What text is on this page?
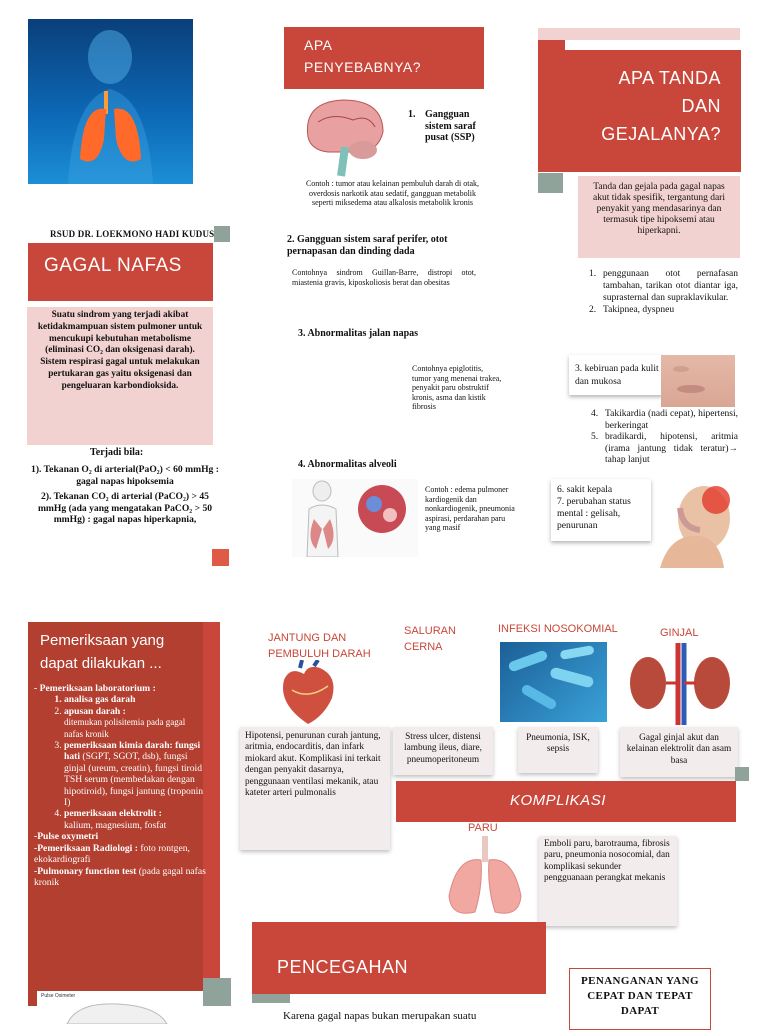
RSUD DR. LOEKMONO HADI KUDUS
GAGAL NAFAS
Suatu sindrom yang terjadi akibat ketidakmampuan sistem pulmoner untuk mencukupi kebutuhan metabolisme (eliminasi CO₂ dan oksigenasi darah). Sistem respirasi gagal untuk melakukan pertukaran gas yaitu oksigenasi dan pengeluaran karbondioksida.
Terjadi bila:
1). Tekanan O₂ di arterial(PaO₂) < 60 mmHg : gagal napas hipoksemia
2). Tekanan CO₂ di arterial (PaCO₂) > 45 mmHg (ada yang mengatakan PaCO₂ > 50 mmHg) : gagal napas hiperkapnia,
APA PENYEBABNYA?
1. Gangguan sistem saraf pusat (SSP)
Contoh : tumor atau kelainan pembuluh darah di otak, overdosis narkotik atau sedatif, gangguan metabolik seperti miksedema atau alkalosis metabolik kronis
2. Gangguan sistem saraf perifer, otot pernapasan dan dinding dada
Contohnya sindrom Guillan-Barre, distropi otot, miastenia gravis, kiposkoliosis berat dan obesitas
3. Abnormalitas jalan napas
Contohnya epiglotitis, tumor yang menenai trakea, penyakit paru obstruktif kronis, asma dan kistik fibrosis
4. Abnormalitas alveoli
Contoh : edema pulmoner kardiogenik dan nonkardiogenik, pneumonia aspirasi, perdarahan paru yang masif
APA TANDA DAN GEJALANYA?
Tanda dan gejala pada gagal napas akut tidak spesifik, tergantung dari penyakit yang mendasarinya dan termasuk tipe hipoksemi atau hiperkapni.
1. penggunaan otot pernafasan tambahan, tarikan otot diantar iga, suprasternal dan supraklavikular.
2. Takipnea, dyspneu
3. kebiruan pada kulit dan mukosa
4. Takikardia (nadi cepat), hipertensi, berkeringat
5. bradikardi, hipotensi, aritmia (irama jantung tidak teratur)→ tahap lanjut
6. sakit kepala
7. perubahan status mental : gelisah, penurunan
Pemeriksaan yang dapat dilakukan ...
- Pemeriksaan laboratorium :
1. analisa gas darah
2. apusan darah :
ditemukan polisitemia pada gagal nafas kronik
3. pemeriksaan kimia darah: fungsi hati (SGPT, SGOT, dsb), fungsi ginjal (ureum, creatin), fungsi tiroid TSH serum (membedakan dengan hipotiroid), fungsi jantung (troponin I)
4. pemeriksaan elektrolit :
kalium, magnesium, fosfat
-Pulse oxymetri
-Pemeriksaan Radiologi : foto rontgen, ekokardiografi
-Pulmonary function test (pada gagal nafas kronik
Pulse Oximeter
JANTUNG DAN PEMBULUH DARAH
Hipotensi, penurunan curah jantung, aritmia, endocarditis, dan infark miokard akut. Komplikasi ini terkait dengan penyakit dasarnya, penggunaan ventilasi mekanik, atau kateter arteri pulmonalis
SALURAN CERNA
Stress ulcer, distensi lambung ileus, diare, pneumoperitoneum
INFEKSI NOSOKOMIAL
Pneumonia, ISK, sepsis
GINJAL
Gagal ginjal akut dan kelainan elektrolit dan asam basa
KOMPLIKASI
PARU
Emboli paru, barotrauma, fibrosis paru, pneumonia nosocomial, dan komplikasi sekunder pengguanaan perangkat mekanis
PENCEGAHAN
Karena gagal napas bukan merupakan suatu
PENANGANAN YANG CEPAT DAN TEPAT DAPAT
